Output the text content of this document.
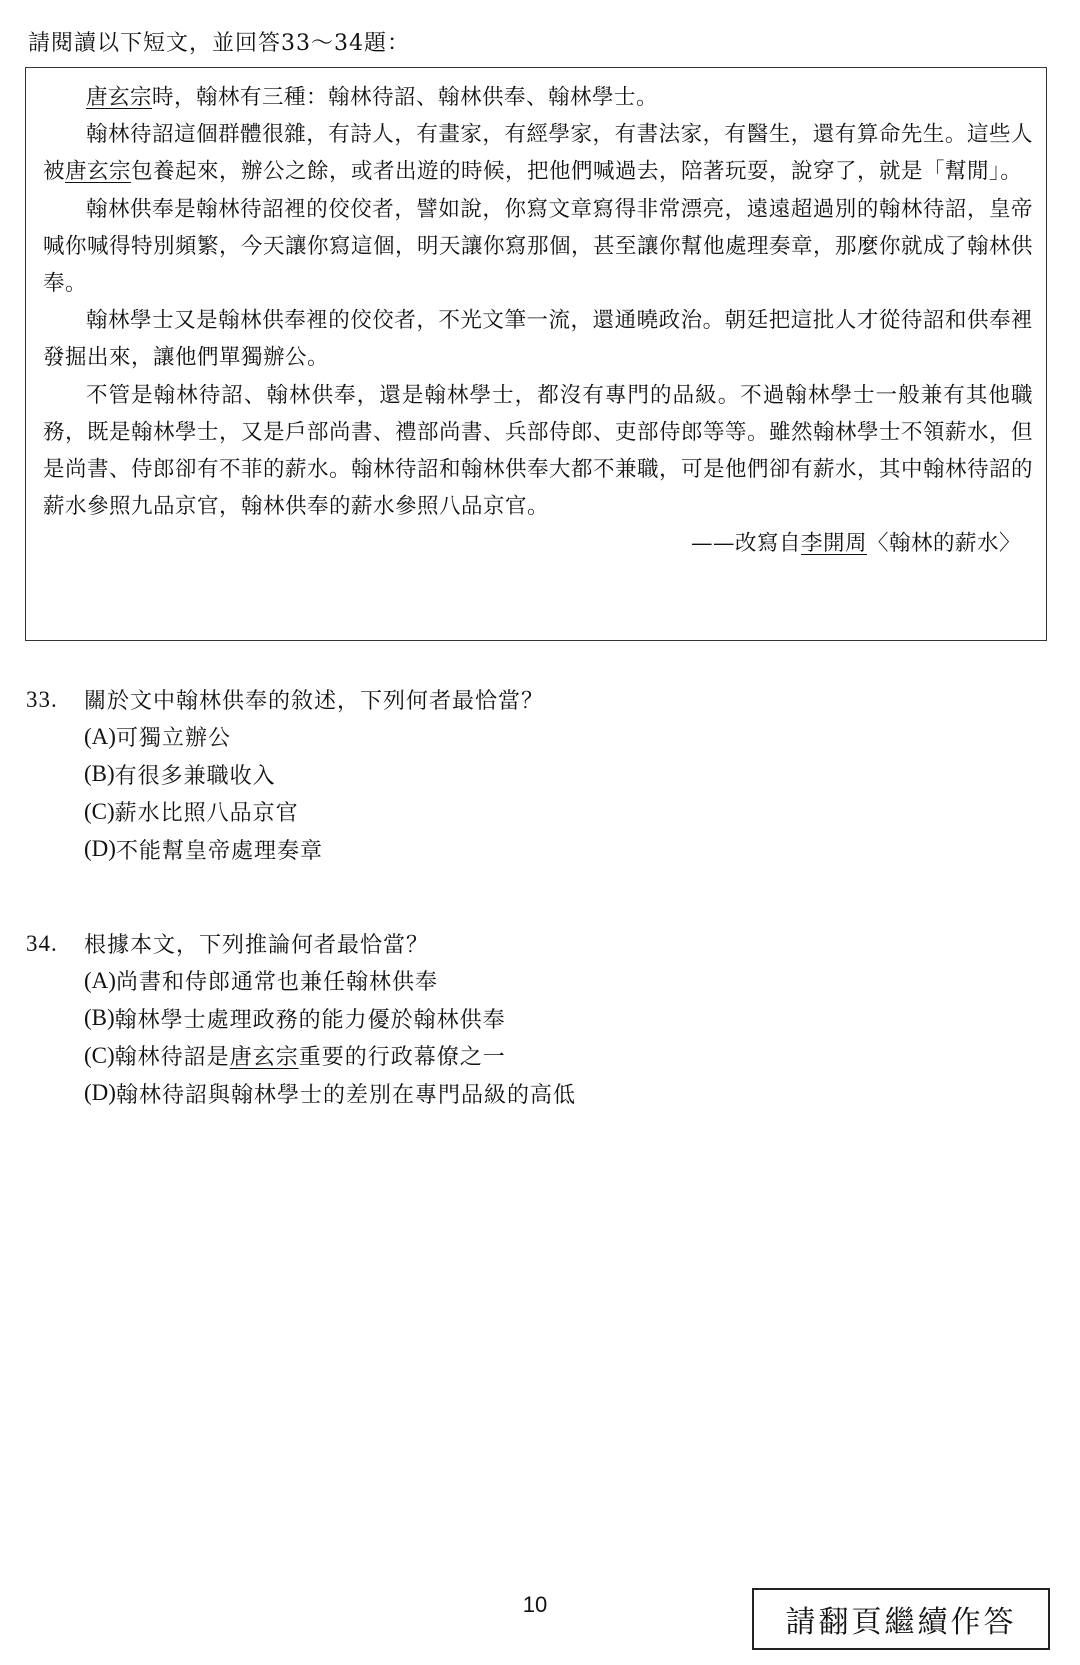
請閱讀以下短文，並回答33～34題：

唐玄宗時，翰林有三種：翰林待詔、翰林供奉、翰林學士。

翰林待詔這個群體很雜，有詩人，有畫家，有經學家，有書法家，有醫生，還有算命先生。這些人被唐玄宗包養起來，辦公之餘，或者出遊的時候，把他們喊過去，陪著玩耍，說穿了，就是「幫閒」。

翰林供奉是翰林待詔裡的佼佼者，譬如說，你寫文章寫得非常漂亮，遠遠超過別的翰林待詔，皇帝喊你喊得特別頻繁，今天讓你寫這個，明天讓你寫那個，甚至讓你幫他處理奏章，那麼你就成了翰林供奉。

翰林學士又是翰林供奉裡的佼佼者，不光文筆一流，還通曉政治。朝廷把這批人才從待詔和供奉裡發掘出來，讓他們單獨辦公。

不管是翰林待詔、翰林供奉，還是翰林學士，都沒有專門的品級。不過翰林學士一般兼有其他職務，既是翰林學士，又是戶部尚書、禮部尚書、兵部侍郎、吏部侍郎等等。雖然翰林學士不領薪水，但是尚書、侍郎卻有不菲的薪水。翰林待詔和翰林供奉大都不兼職，可是他們卻有薪水，其中翰林待詔的薪水參照九品京官，翰林供奉的薪水參照八品京官。

——改寫自李開周〈翰林的薪水〉

33.	關於文中翰林供奉的敘述，下列何者最恰當？
(A) 可獨立辦公
(B) 有很多兼職收入
(C) 薪水比照八品京官
(D) 不能幫皇帝處理奏章
34.	根據本文，下列推論何者最恰當？
(A) 尚書和侍郎通常也兼任翰林供奉
(B) 翰林學士處理政務的能力優於翰林供奉
(C) 翰林待詔是 唐玄宗 重要的行政幕僚之一
(D) 翰林待詔與翰林學士的差別在專門品級的高低
10
請翻頁繼續作答
